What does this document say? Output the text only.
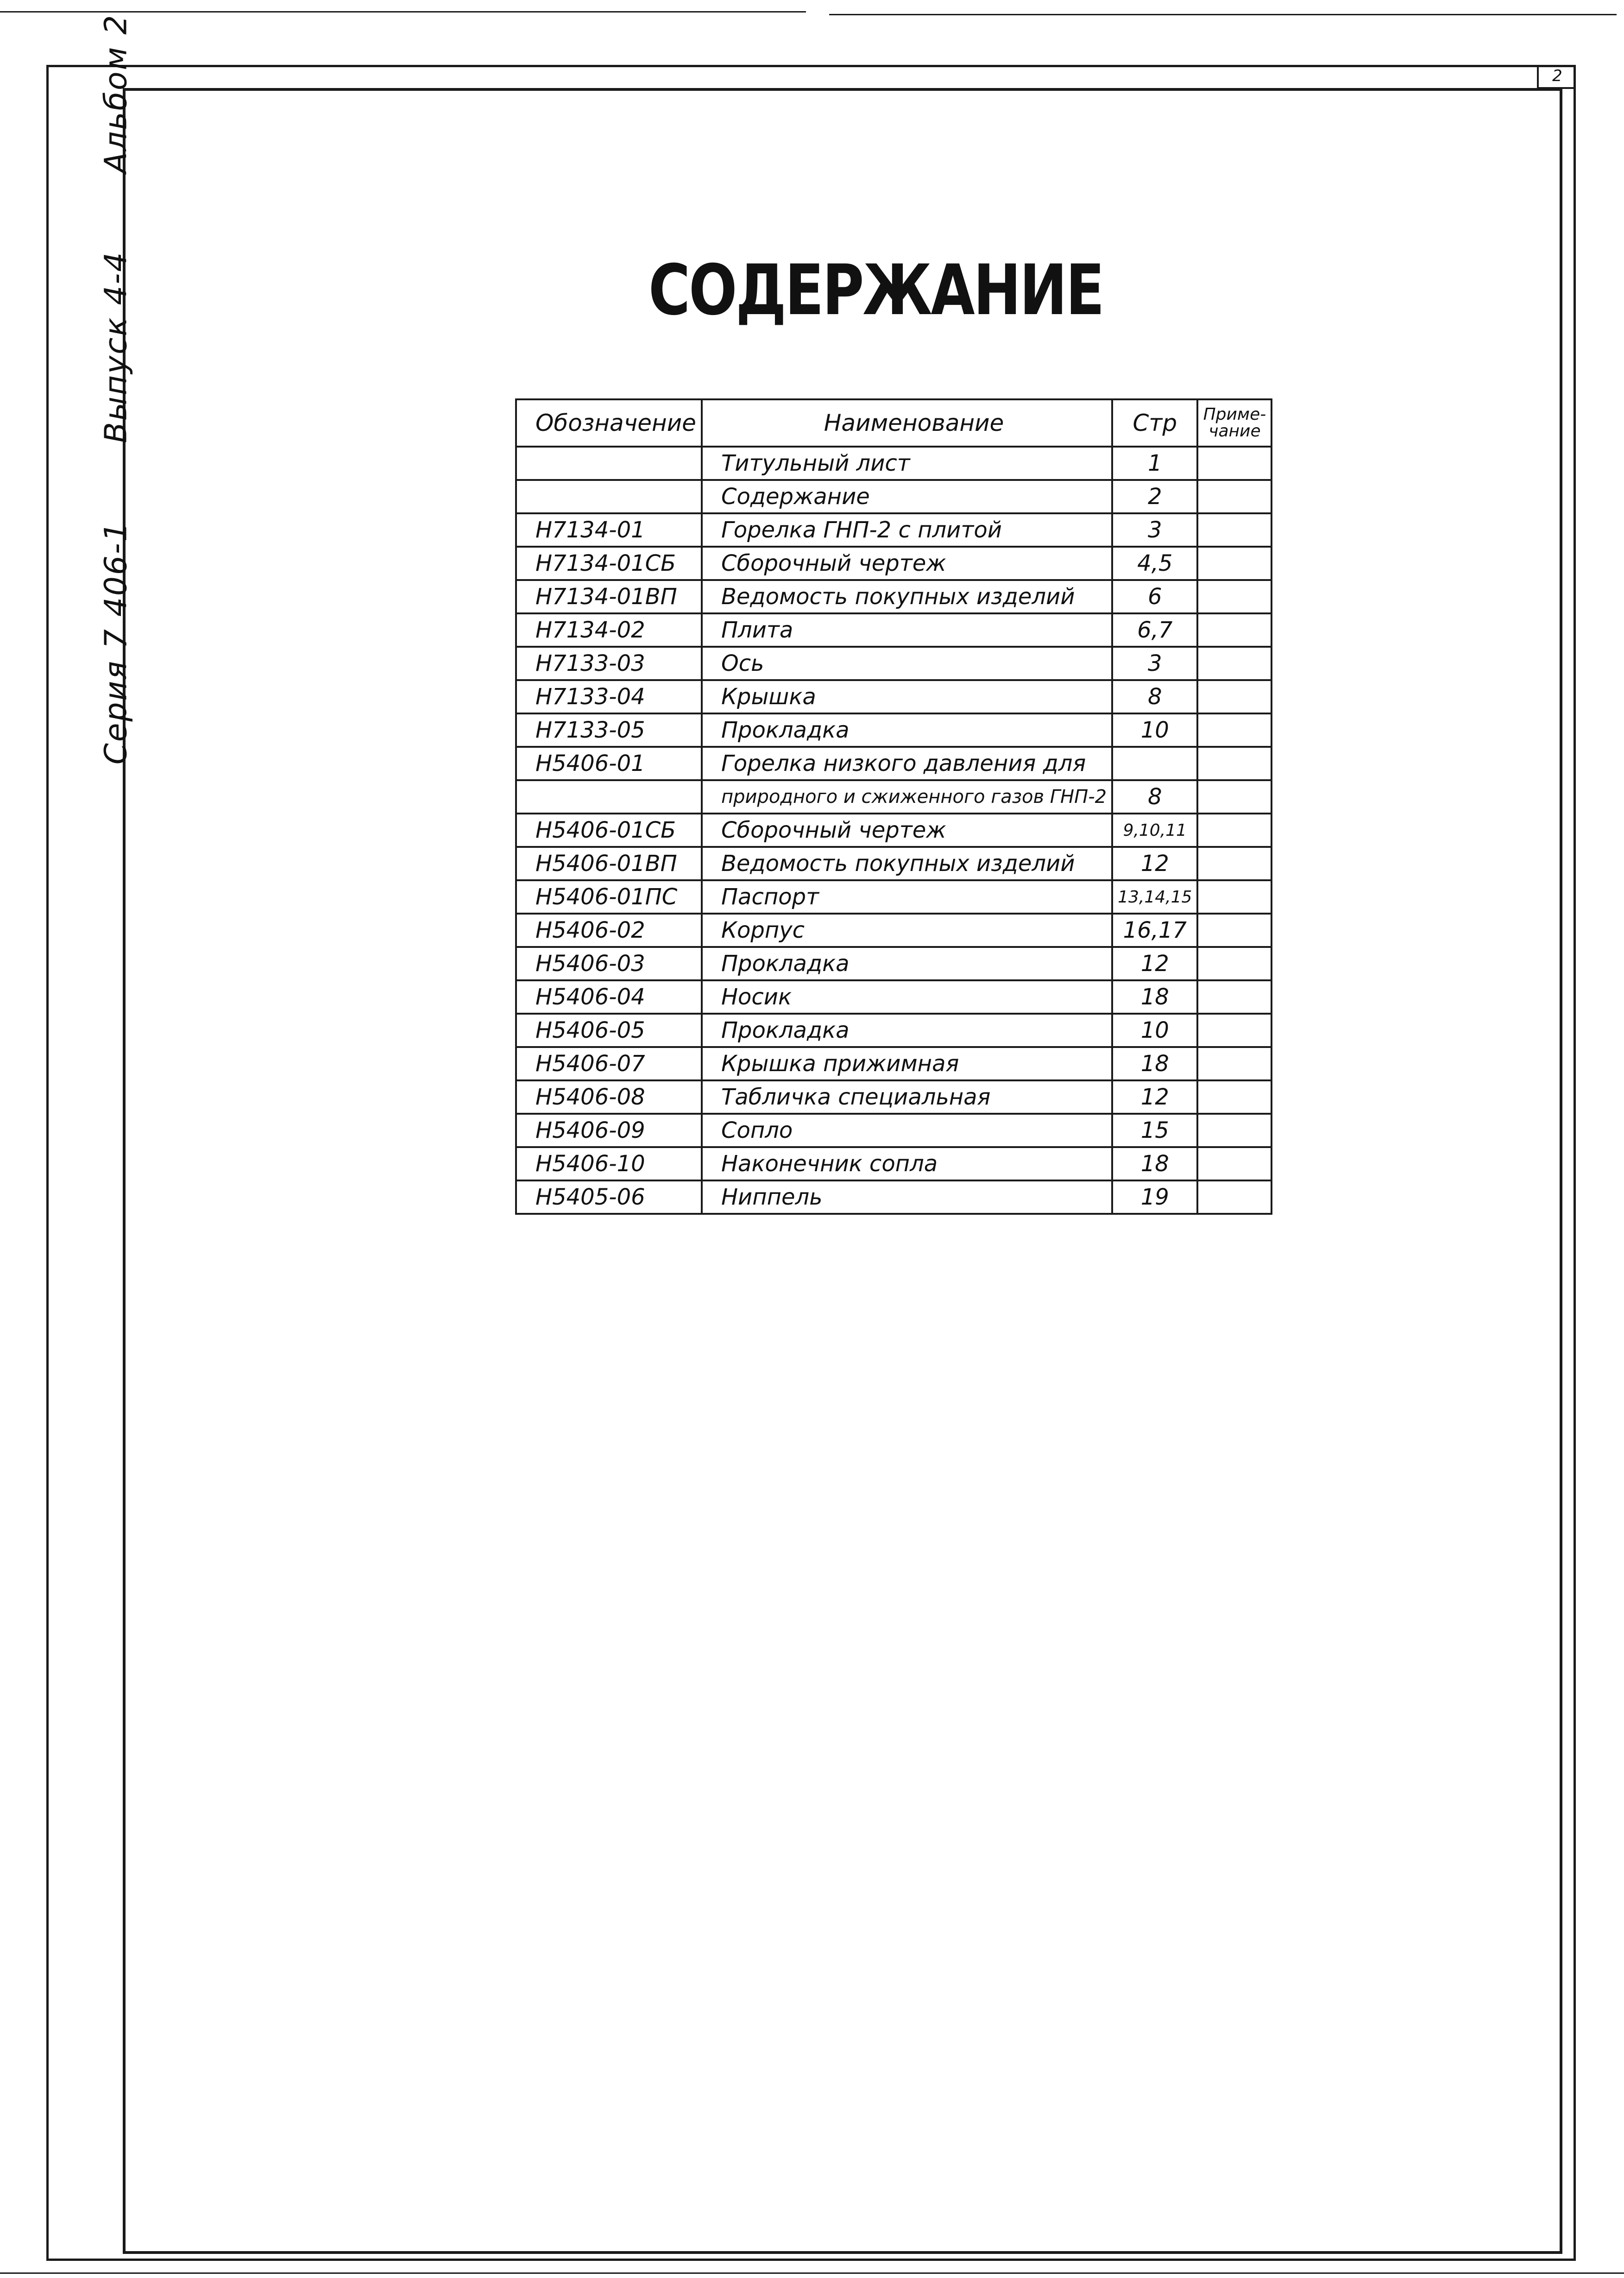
2
Серия 7 406-1  Выпуск 4-4  Альбом 2
СОДЕРЖАНИЕ
Обозначение	Наименование	Стр	Приме-чание
	Титульный лист	1	
	Содержание	2	
Н7134-01	Горелка ГНП-2 с плитой	3	
Н7134-01СБ	Сборочный чертеж	4,5	
Н7134-01ВП	Ведомость покупных изделий	6	
Н7134-02	Плита	6,7	
Н7133-03	Ось	3	
Н7133-04	Крышка	8	
Н7133-05	Прокладка	10	
Н5406-01	Горелка низкого давления для		
	природного и сжиженного газов ГНП-2	8	
Н5406-01СБ	Сборочный чертеж	9,10,11	
Н5406-01ВП	Ведомость покупных изделий	12	
Н5406-01ПС	Паспорт	13,14,15	
Н5406-02	Корпус	16,17	
Н5406-03	Прокладка	12	
Н5406-04	Носик	18	
Н5406-05	Прокладка	10	
Н5406-07	Крышка прижимная	18	
Н5406-08	Табличка специальная	12	
Н5406-09	Сопло	15	
Н5406-10	Наконечник сопла	18	
Н5405-06	Ниппель	19	
